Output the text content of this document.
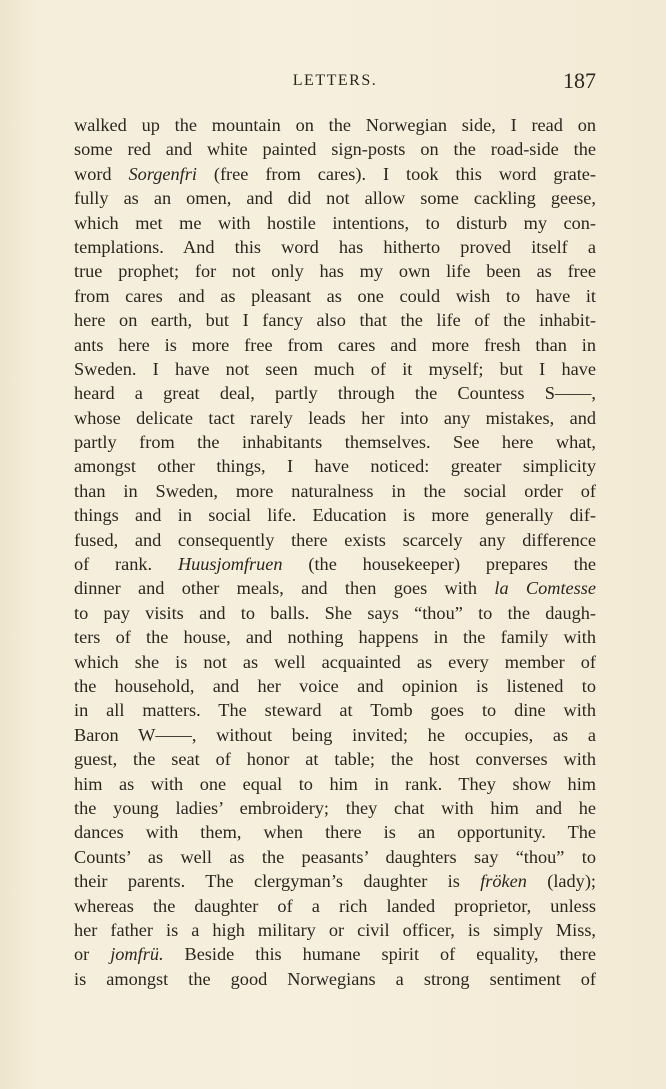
LETTERS.	187
walked up the mountain on the Norwegian side, I read on
some red and white painted sign-posts on the road-side the
word Sorgenfri (free from cares). I took this word grate-
fully as an omen, and did not allow some cackling geese,
which met me with hostile intentions, to disturb my con-
templations. And this word has hitherto proved itself a
true prophet; for not only has my own life been as free
from cares and as pleasant as one could wish to have it
here on earth, but I fancy also that the life of the inhabit-
ants here is more free from cares and more fresh than in
Sweden. I have not seen much of it myself; but I have
heard a great deal, partly through the Countess S——,
whose delicate tact rarely leads her into any mistakes, and
partly from the inhabitants themselves. See here what,
amongst other things, I have noticed: greater simplicity
than in Sweden, more naturalness in the social order of
things and in social life. Education is more generally dif-
fused, and consequently there exists scarcely any difference
of rank. Huusjomfruen (the housekeeper) prepares the
dinner and other meals, and then goes with la Comtesse
to pay visits and to balls. She says “thou” to the daugh-
ters of the house, and nothing happens in the family with
which she is not as well acquainted as every member of
the household, and her voice and opinion is listened to
in all matters. The steward at Tomb goes to dine with
Baron W——, without being invited; he occupies, as a
guest, the seat of honor at table; the host converses with
him as with one equal to him in rank. They show him
the young ladies’ embroidery; they chat with him and he
dances with them, when there is an opportunity. The
Counts’ as well as the peasants’ daughters say “thou” to
their parents. The clergyman’s daughter is fröken (lady);
whereas the daughter of a rich landed proprietor, unless
her father is a high military or civil officer, is simply Miss,
or jomfrü. Beside this humane spirit of equality, there
is amongst the good Norwegians a strong sentiment of
